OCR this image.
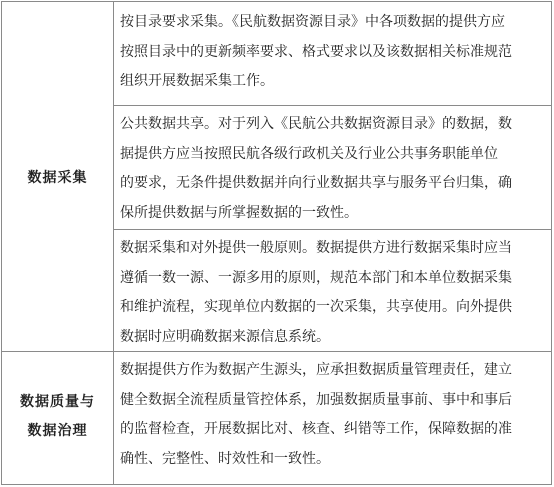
数据采集
数据质量与
数据治理
按目录要求采集。《民航数据资源目录》中各项数据的提供方应
按照目录中的更新频率要求、格式要求以及该数据相关标准规范
组织开展数据采集工作。
公共数据共享。对于列入《民航公共数据资源目录》的数据，数
据提供方应当按照民航各级行政机关及行业公共事务职能单位
的要求，无条件提供数据并向行业数据共享与服务平台归集，确
保所提供数据与所掌握数据的一致性。
数据采集和对外提供一般原则。数据提供方进行数据采集时应当
遵循一数一源、一源多用的原则，规范本部门和本单位数据采集
和维护流程，实现单位内数据的一次采集，共享使用。向外提供
数据时应明确数据来源信息系统。
数据提供方作为数据产生源头，应承担数据质量管理责任，建立
健全数据全流程质量管控体系，加强数据质量事前、事中和事后
的监督检查，开展数据比对、核查、纠错等工作，保障数据的准
确性、完整性、时效性和一致性。
